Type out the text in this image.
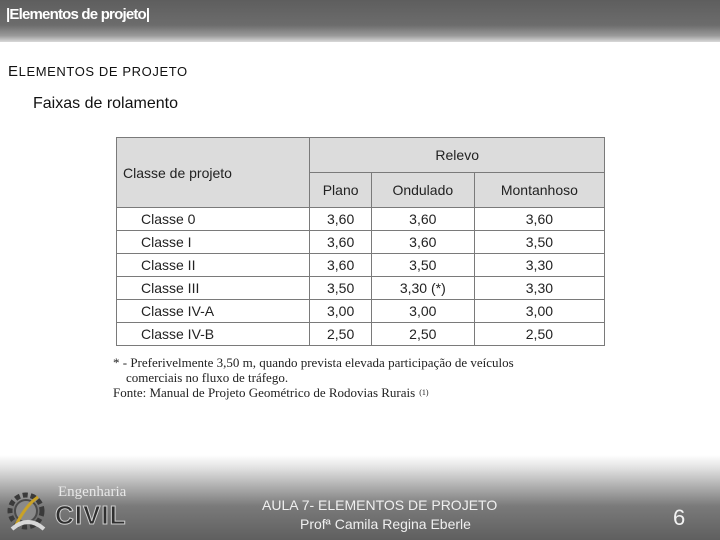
|Elementos de projeto|
ELEMENTOS DE PROJETO
Faixas de rolamento
Classe de projeto	Relevo		
	Plano	Ondulado	Montanhoso
Classe 0	3,60	3,60	3,60
Classe I	3,60	3,60	3,50
Classe II	3,60	3,50	3,30
Classe III	3,50	3,30 (*)	3,30
Classe IV-A	3,00	3,00	3,00
Classe IV-B	2,50	2,50	2,50
* - Preferivelmente 3,50 m, quando prevista elevada participação de veículos
comerciais no fluxo de tráfego.
Fonte: Manual de Projeto Geométrico de Rodovias Rurais $^{(1)}$
Engenharia
CIVIL	AULA 7- ELEMENTOS DE PROJETO
Profª Camila Regina Eberle	6
